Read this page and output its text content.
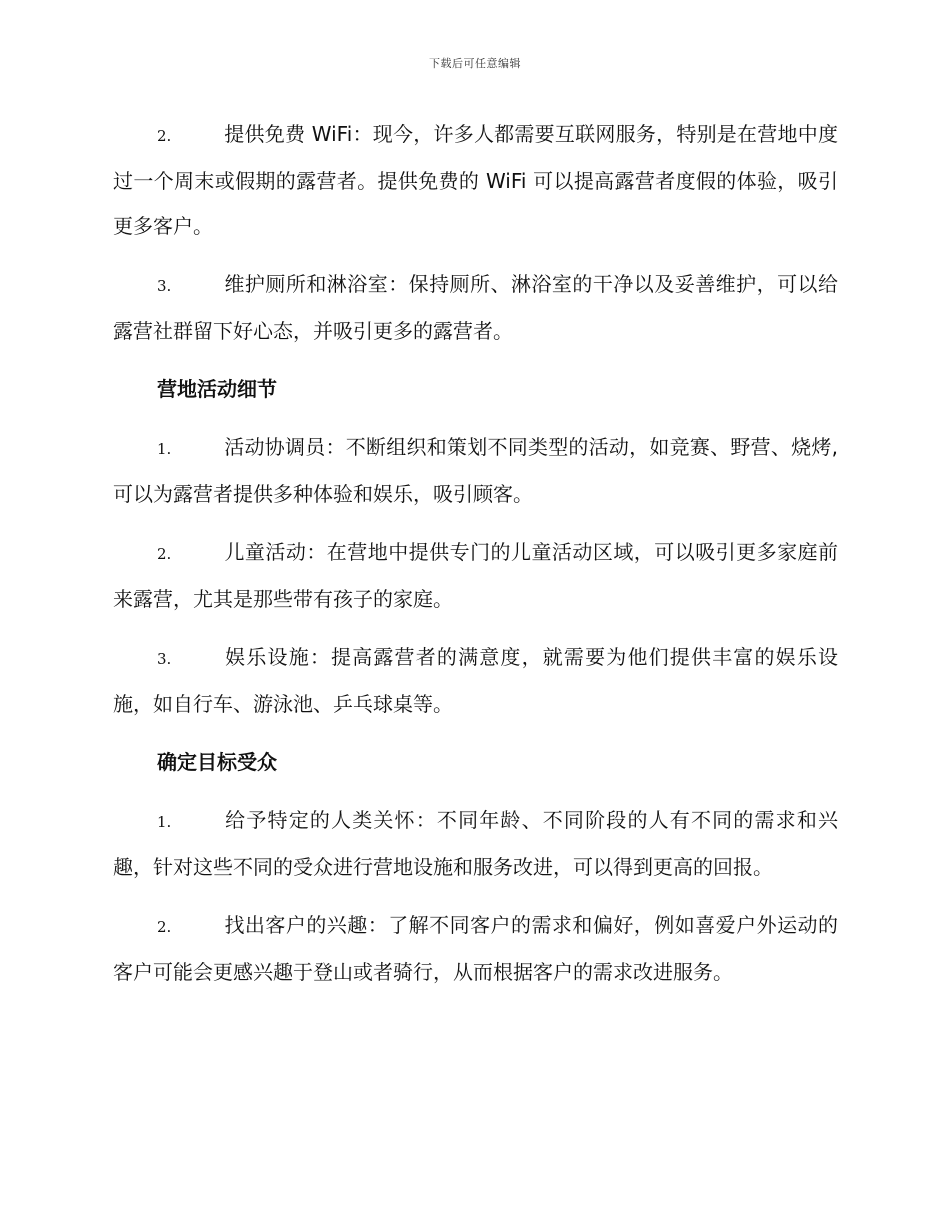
下载后可任意编辑

2.	提供免费 WiFi：现今，许多人都需要互联网服务，特别是在营地中度过一个周末或假期的露营者。提供免费的 WiFi 可以提高露营者度假的体验，吸引更多客户。

3.	维护厕所和淋浴室：保持厕所、淋浴室的干净以及妥善维护，可以给露营社群留下好心态，并吸引更多的露营者。

营地活动细节

1.	活动协调员：不断组织和策划不同类型的活动，如竞赛、野营、烧烤,可以为露营者提供多种体验和娱乐，吸引顾客。

2.	儿童活动：在营地中提供专门的儿童活动区域，可以吸引更多家庭前来露营，尤其是那些带有孩子的家庭。

3.	娱乐设施：提高露营者的满意度，就需要为他们提供丰富的娱乐设施，如自行车、游泳池、乒乓球桌等。

确定目标受众

1.	给予特定的人类关怀：不同年龄、不同阶段的人有不同的需求和兴趣，针对这些不同的受众进行营地设施和服务改进，可以得到更高的回报。

2.	找出客户的兴趣：了解不同客户的需求和偏好，例如喜爱户外运动的客户可能会更感兴趣于登山或者骑行，从而根据客户的需求改进服务。
